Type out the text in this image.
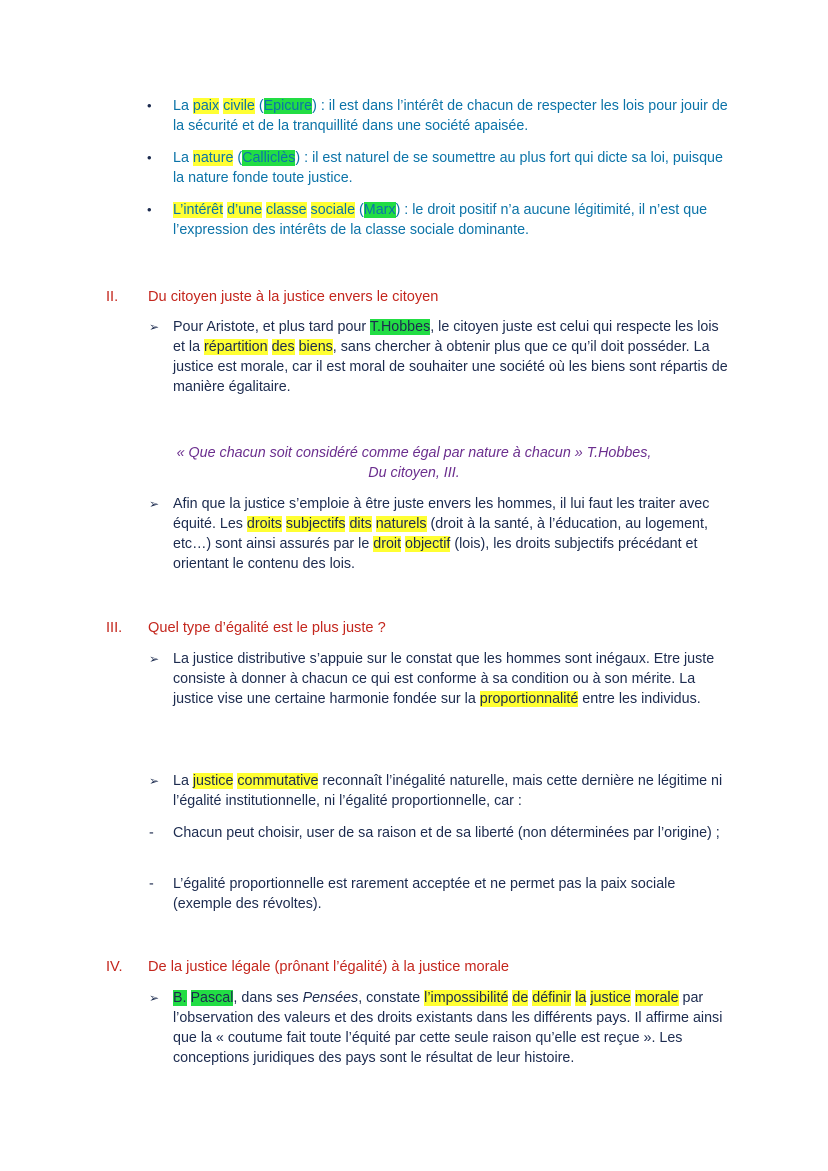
• La paix civile (Epicure) : il est dans l’intérêt de chacun de respecter les lois pour jouir de la sécurité et de la tranquillité dans une société apaisée.
• La nature (Calliclès) : il est naturel de se soumettre au plus fort qui dicte sa loi, puisque la nature fonde toute justice.
• L’intérêt d’une classe sociale (Marx) : le droit positif n’a aucune légitimité, il n’est que l’expression des intérêts de la classe sociale dominante.
II. Du citoyen juste à la justice envers le citoyen
➢ Pour Aristote, et plus tard pour T.Hobbes, le citoyen juste est celui qui respecte les lois et la répartition des biens, sans chercher à obtenir plus que ce qu’il doit posséder. La justice est morale, car il est moral de souhaiter une société où les biens sont répartis de manière égalitaire.
« Que chacun soit considéré comme égal par nature à chacun » T.Hobbes,
Du citoyen, III.
➢ Afin que la justice s’emploie à être juste envers les hommes, il lui faut les traiter avec équité. Les droits subjectifs dits naturels (droit à la santé, à l’éducation, au logement, etc…) sont ainsi assurés par le droit objectif (lois), les droits subjectifs précédant et orientant le contenu des lois.
III. Quel type d’égalité est le plus juste ?
➢ La justice distributive s’appuie sur le constat que les hommes sont inégaux. Etre juste consiste à donner à chacun ce qui est conforme à sa condition ou à son mérite. La justice vise une certaine harmonie fondée sur la proportionnalité entre les individus.
➢ La justice commutative reconnaît l’inégalité naturelle, mais cette dernière ne légitime ni l’égalité institutionnelle, ni l’égalité proportionnelle, car :
-	Chacun peut choisir, user de sa raison et de sa liberté (non déterminées par l’origine) ;
-	L’égalité proportionnelle est rarement acceptée et ne permet pas la paix sociale (exemple des révoltes).
IV. De la justice légale (prônant l’égalité) à la justice morale
➢ B. Pascal, dans ses Pensées, constate l’impossibilité de définir la justice morale par l’observation des valeurs et des droits existants dans les différents pays. Il affirme ainsi que la « coutume fait toute l’équité par cette seule raison qu’elle est reçue ». Les conceptions juridiques des pays sont le résultat de leur histoire.
